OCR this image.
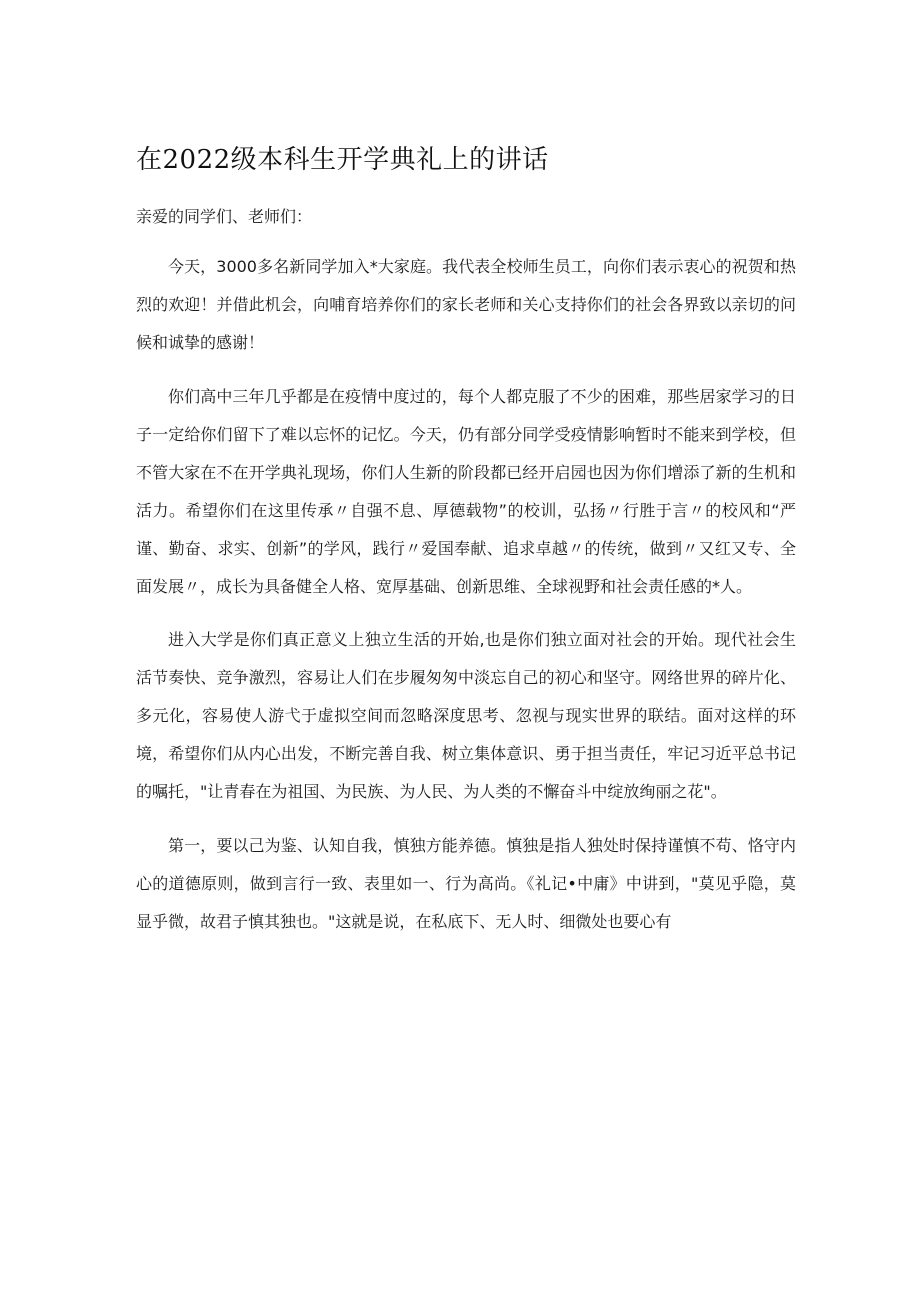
在2022级本科生开学典礼上的讲话
亲爱的同学们、老师们：

今天，3000多名新同学加入*大家庭。我代表全校师生员工，向你们表示衷心的祝贺和热烈的欢迎！并借此机会，向哺育培养你们的家长老师和关心支持你们的社会各界致以亲切的问候和诚挚的感谢！

你们高中三年几乎都是在疫情中度过的，每个人都克服了不少的困难，那些居家学习的日子一定给你们留下了难以忘怀的记忆。今天，仍有部分同学受疫情影响暂时不能来到学校，但不管大家在不在开学典礼现场，你们人生新的阶段都已经开启园也因为你们增添了新的生机和活力。希望你们在这里传承〃自强不息、厚德载物”的校训，弘扬〃行胜于言〃的校风和“严谨、勤奋、求实、创新”的学风，践行〃爱国奉献、追求卓越〃的传统，做到〃又红又专、全面发展〃，成长为具备健全人格、宽厚基础、创新思维、全球视野和社会责任感的*人。

进入大学是你们真正意义上独立生活的开始,也是你们独立面对社会的开始。现代社会生活节奏快、竞争激烈，容易让人们在步履匆匆中淡忘自己的初心和坚守。网络世界的碎片化、多元化，容易使人游弋于虚拟空间而忽略深度思考、忽视与现实世界的联结。面对这样的环境，希望你们从内心出发，不断完善自我、树立集体意识、勇于担当责任，牢记习近平总书记的嘱托，"让青春在为祖国、为民族、为人民、为人类的不懈奋斗中绽放绚丽之花"。

第一，要以己为鉴、认知自我，慎独方能养德。慎独是指人独处时保持谨慎不苟、恪守内心的道德原则，做到言行一致、表里如一、行为高尚。《礼记•中庸》中讲到，"莫见乎隐，莫显乎微，故君子慎其独也。"这就是说，在私底下、无人时、细微处也要心有
